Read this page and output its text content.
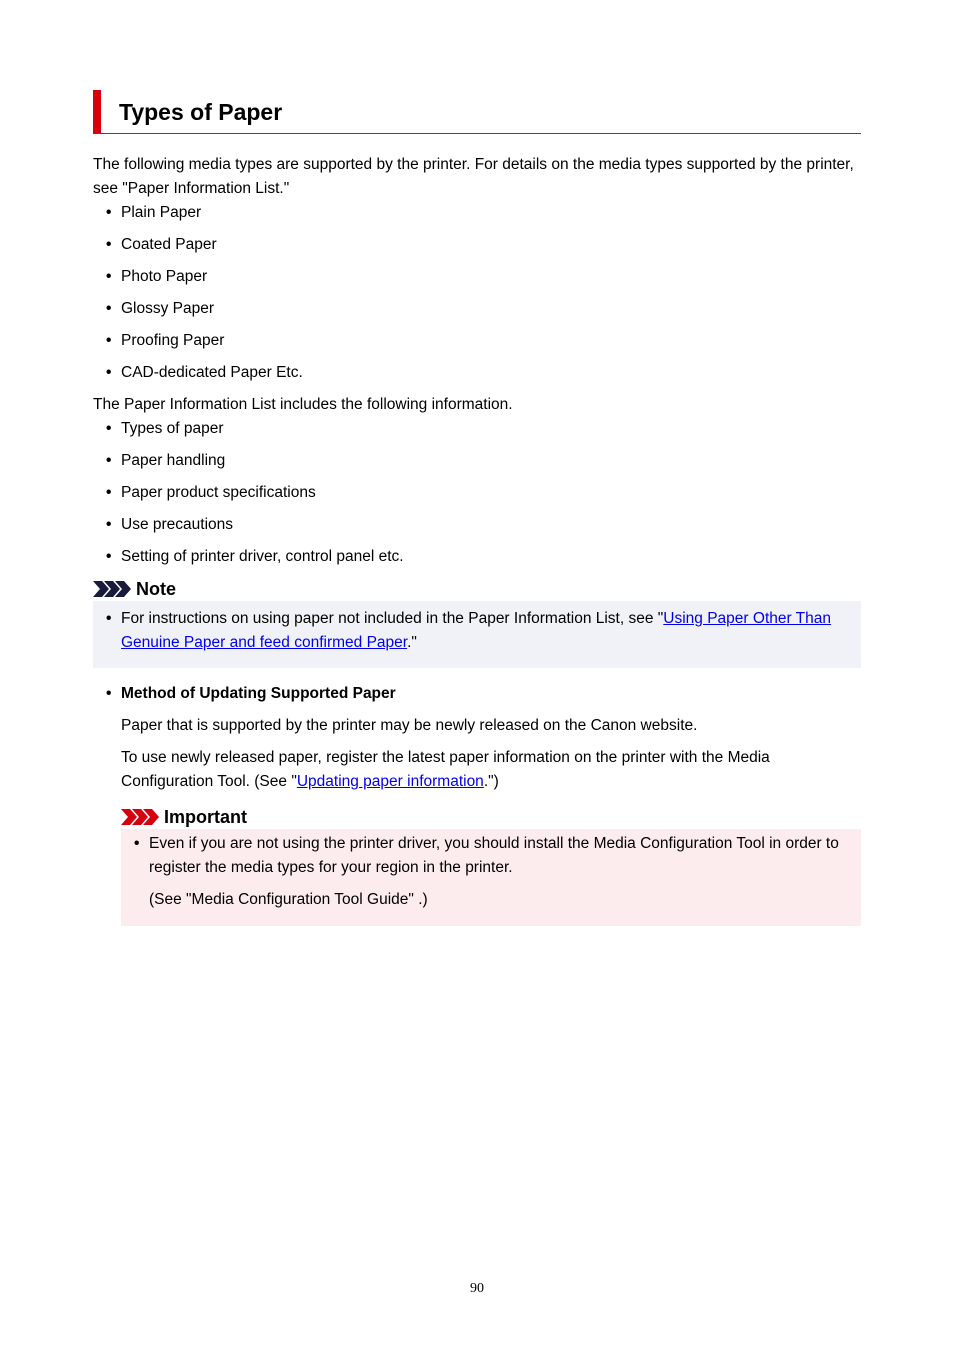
Types of Paper

The following media types are supported by the printer. For details on the media types supported by the printer, see "Paper Information List."

• Plain Paper
• Coated Paper
• Photo Paper
• Glossy Paper
• Proofing Paper
• CAD-dedicated Paper Etc.

The Paper Information List includes the following information.

• Types of paper
• Paper handling
• Paper product specifications
• Use precautions
• Setting of printer driver, control panel etc.
Note
• For instructions on using paper not included in the Paper Information List, see "Using Paper Other Than Genuine Paper and feed confirmed Paper."
• Method of Updating Supported Paper

Paper that is supported by the printer may be newly released on the Canon website.

To use newly released paper, register the latest paper information on the printer with the Media Configuration Tool. (See "Updating paper information.")

Important
• Even if you are not using the printer driver, you should install the Media Configuration Tool in order to register the media types for your region in the printer.

(See "Media Configuration Tool Guide" .)

90
